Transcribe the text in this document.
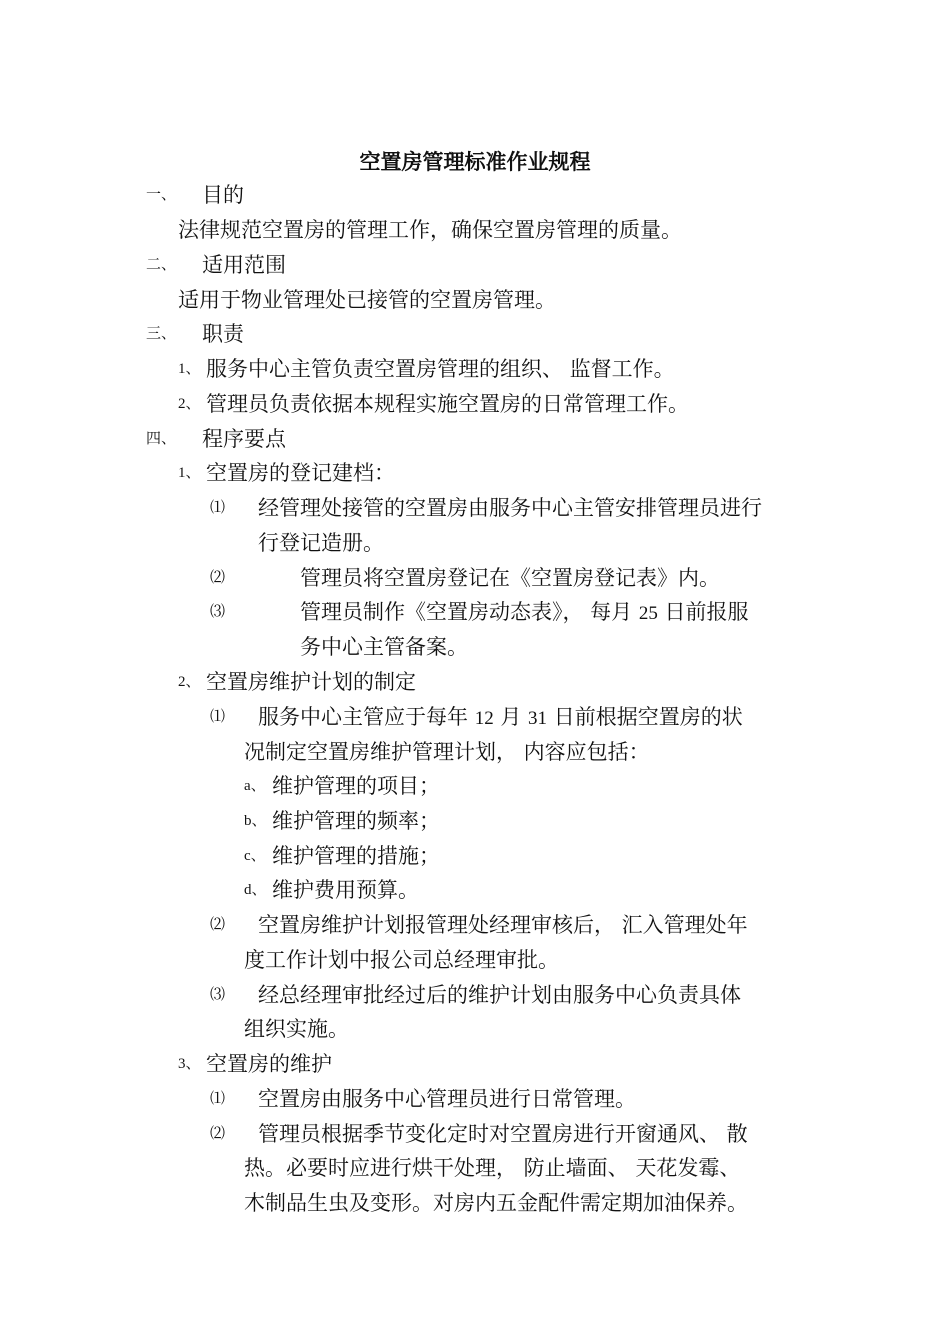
空置房管理标准作业规程
一、 目的
法律规范空置房的管理工作，确保空置房管理的质量。
二、 适用范围
适用于物业管理处已接管的空置房管理。
三、 职责
1、 服务中心主管负责空置房管理的组织、 监督工作。
2、 管理员负责依据本规程实施空置房的日常管理工作。
四、 程序要点
1、 空置房的登记建档：
⑴ 经管理处接管的空置房由服务中心主管安排管理员进行
行登记造册。
⑵	管理员将空置房登记在《空置房登记表》内。
⑶	管理员制作《空置房动态表》， 每月 25 日前报服
务中心主管备案。
2、 空置房维护计划的制定
⑴ 服务中心主管应于每年 12 月 31 日前根据空置房的状
况制定空置房维护管理计划， 内容应包括：
a、 维护管理的项目；
b、 维护管理的频率；
c、 维护管理的措施；
d、 维护费用预算。
⑵ 空置房维护计划报管理处经理审核后， 汇入管理处年
度工作计划中报公司总经理审批。
⑶ 经总经理审批经过后的维护计划由服务中心负责具体
组织实施。
3、 空置房的维护
⑴ 空置房由服务中心管理员进行日常管理。
⑵ 管理员根据季节变化定时对空置房进行开窗通风、 散
热。必要时应进行烘干处理， 防止墙面、 天花发霉、
木制品生虫及变形。对房内五金配件需定期加油保养。
